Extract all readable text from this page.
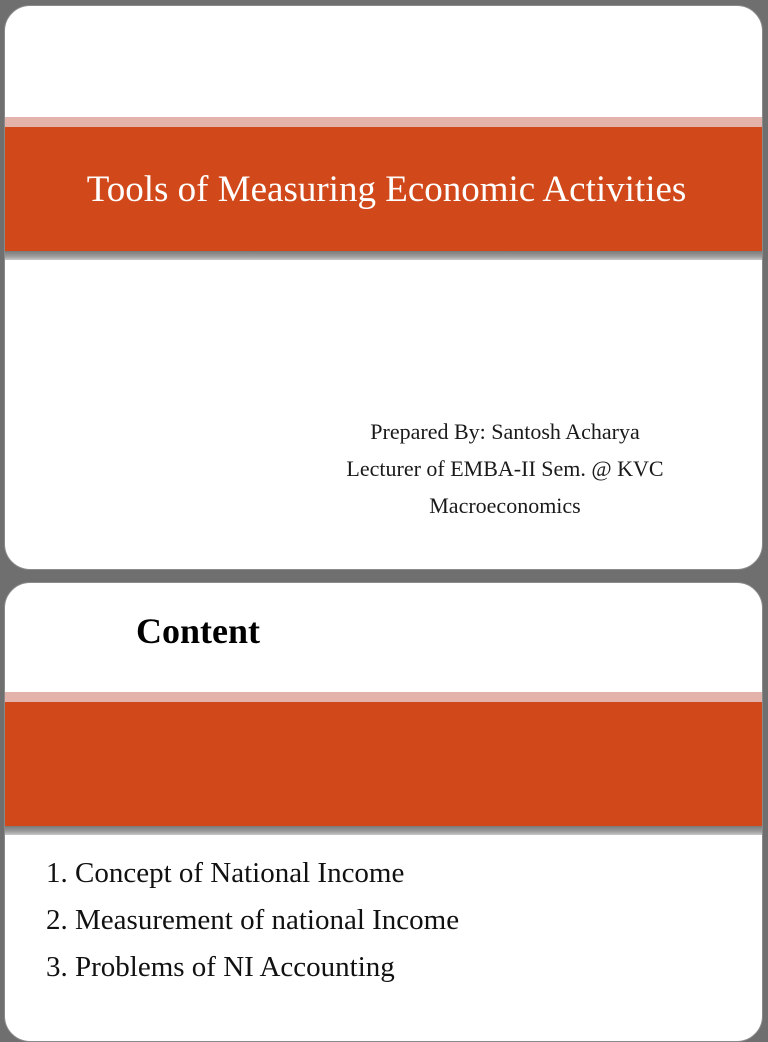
Tools of Measuring Economic Activities
Prepared By: Santosh Acharya
Lecturer of EMBA-II Sem. @ KVC
Macroeconomics
Content
1. Concept of National Income
2. Measurement of national Income
3. Problems of NI Accounting
